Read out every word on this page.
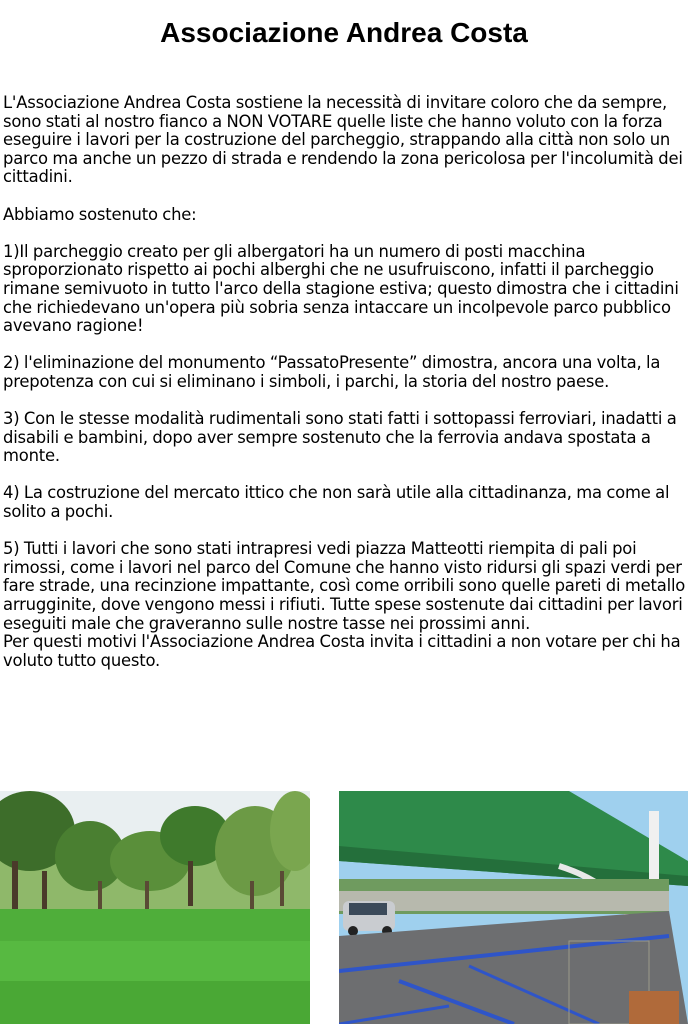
Associazione Andrea Costa

L'Associazione Andrea Costa sostiene la necessità di invitare coloro che da sempre, sono stati al nostro fianco a NON VOTARE quelle liste che hanno voluto con la forza eseguire i lavori per la costruzione del parcheggio, strappando alla città non solo un parco ma anche un pezzo di strada e rendendo la zona pericolosa per l'incolumità dei cittadini.

Abbiamo sostenuto che:

1)Il parcheggio creato per gli albergatori ha un numero di posti macchina sproporzionato rispetto ai pochi alberghi che ne usufruiscono, infatti il parcheggio rimane semivuoto in tutto l'arco della stagione estiva; questo dimostra che i cittadini che richiedevano un'opera più sobria senza intaccare un incolpevole parco pubblico avevano ragione!

2) l'eliminazione del monumento “PassatoPresente” dimostra, ancora una volta, la prepotenza con cui si eliminano i simboli, i parchi, la storia del nostro paese.

3) Con le stesse modalità rudimentali sono stati fatti i sottopassi ferroviari, inadatti a disabili e bambini, dopo aver sempre sostenuto che la ferrovia andava spostata a monte.

4) La costruzione del mercato ittico che non sarà utile alla cittadinanza, ma come al solito a pochi.

5) Tutti i lavori che sono stati intrapresi vedi piazza Matteotti riempita di pali poi rimossi, come i lavori nel parco del Comune che hanno visto ridursi gli spazi verdi per fare strade, una recinzione impattante, così come orribili sono quelle pareti di metallo arrugginite, dove vengono messi i rifiuti. Tutte spese sostenute dai cittadini per lavori eseguiti male che graveranno sulle nostre tasse nei prossimi anni.

Per questi motivi l'Associazione Andrea Costa invita i cittadini a non votare per chi ha voluto tutto questo.
